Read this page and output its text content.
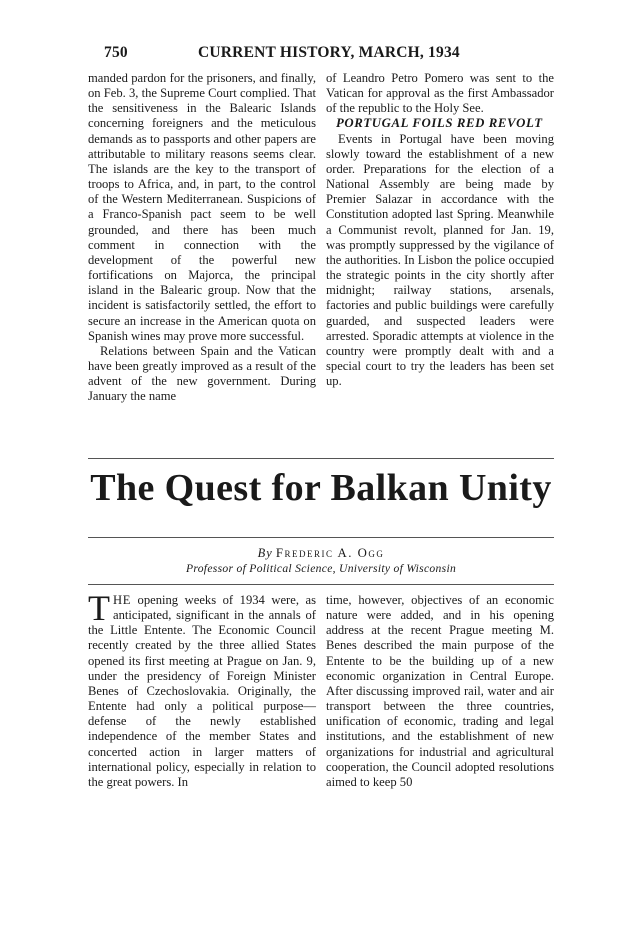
750	CURRENT HISTORY, MARCH, 1934

manded pardon for the prisoners, and finally, on Feb. 3, the Supreme Court complied. That the sensitiveness in the Balearic Islands concerning foreigners and the meticulous demands as to passports and other papers are attributable to military reasons seems clear. The islands are the key to the transport of troops to Africa, and, in part, to the control of the Western Mediterranean. Suspicions of a Franco-Spanish pact seem to be well grounded, and there has been much comment in connection with the development of the powerful new fortifications on Majorca, the principal island in the Balearic group. Now that the incident is satisfactorily settled, the effort to secure an increase in the American quota on Spanish wines may prove more successful.

Relations between Spain and the Vatican have been greatly improved as a result of the advent of the new government. During January the name

of Leandro Petro Pomero was sent to the Vatican for approval as the first Ambassador of the republic to the Holy See.

PORTUGAL FOILS RED REVOLT

Events in Portugal have been moving slowly toward the establishment of a new order. Preparations for the election of a National Assembly are being made by Premier Salazar in accordance with the Constitution adopted last Spring. Meanwhile a Communist revolt, planned for Jan. 19, was promptly suppressed by the vigilance of the authorities. In Lisbon the police occupied the strategic points in the city shortly after midnight; railway stations, arsenals, factories and public buildings were carefully guarded, and suspected leaders were arrested. Sporadic attempts at violence in the country were promptly dealt with and a special court to try the leaders has been set up.

The Quest for Balkan Unity
By Frederic A. Ogg
Professor of Political Science, University of Wisconsin

THE opening weeks of 1934 were, as anticipated, significant in the annals of the Little Entente. The Economic Council recently created by the three allied States opened its first meeting at Prague on Jan. 9, under the presidency of Foreign Minister Benes of Czechoslovakia. Originally, the Entente had only a political purpose—defense of the newly established independence of the member States and concerted action in larger matters of international policy, especially in relation to the great powers. In

time, however, objectives of an economic nature were added, and in his opening address at the recent Prague meeting M. Benes described the main purpose of the Entente to be the building up of a new economic organization in Central Europe. After discussing improved rail, water and air transport between the three countries, unification of economic, trading and legal institutions, and the establishment of new organizations for industrial and agricultural cooperation, the Council adopted resolutions aimed to keep 50
